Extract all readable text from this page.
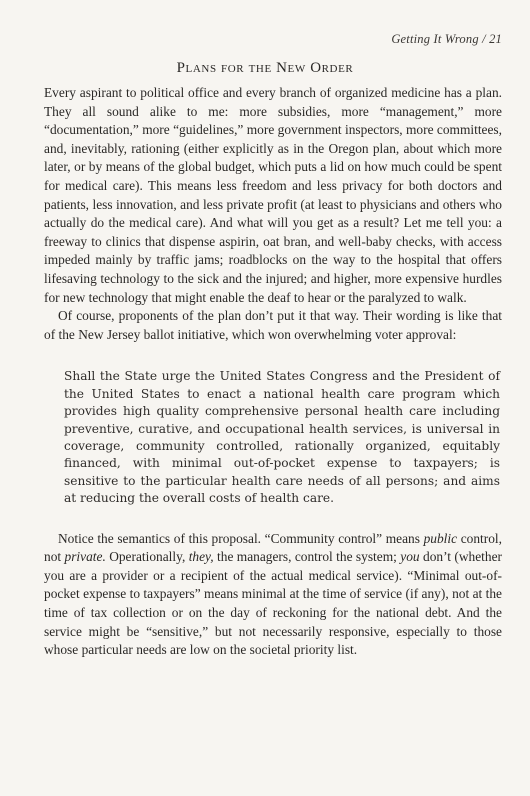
Getting It Wrong / 21
Plans for the New Order

Every aspirant to political office and every branch of organized medicine has a plan. They all sound alike to me: more subsidies, more “management,” more “documentation,” more “guidelines,” more government inspectors, more committees, and, inevitably, rationing (either explicitly as in the Oregon plan, about which more later, or by means of the global budget, which puts a lid on how much could be spent for medical care). This means less freedom and less privacy for both doctors and patients, less innovation, and less private profit (at least to physicians and others who actually do the medical care). And what will you get as a result? Let me tell you: a freeway to clinics that dispense aspirin, oat bran, and well-baby checks, with access impeded mainly by traffic jams; roadblocks on the way to the hospital that offers lifesaving technology to the sick and the injured; and higher, more expensive hurdles for new technology that might enable the deaf to hear or the paralyzed to walk.

Of course, proponents of the plan don’t put it that way. Their wording is like that of the New Jersey ballot initiative, which won overwhelming voter approval:

Shall the State urge the United States Congress and the President of the United States to enact a national health care program which provides high quality comprehensive personal health care including preventive, curative, and occupational health services, is universal in coverage, community controlled, rationally organized, equitably financed, with minimal out-of-pocket expense to taxpayers; is sensitive to the particular health care needs of all persons; and aims at reducing the overall costs of health care.

Notice the semantics of this proposal. “Community control” means public control, not private. Operationally, they, the managers, control the system; you don’t (whether you are a provider or a recipient of the actual medical service). “Minimal out-of-pocket expense to taxpayers” means minimal at the time of service (if any), not at the time of tax collection or on the day of reckoning for the national debt. And the service might be “sensitive,” but not necessarily responsive, especially to those whose particular needs are low on the societal priority list.
